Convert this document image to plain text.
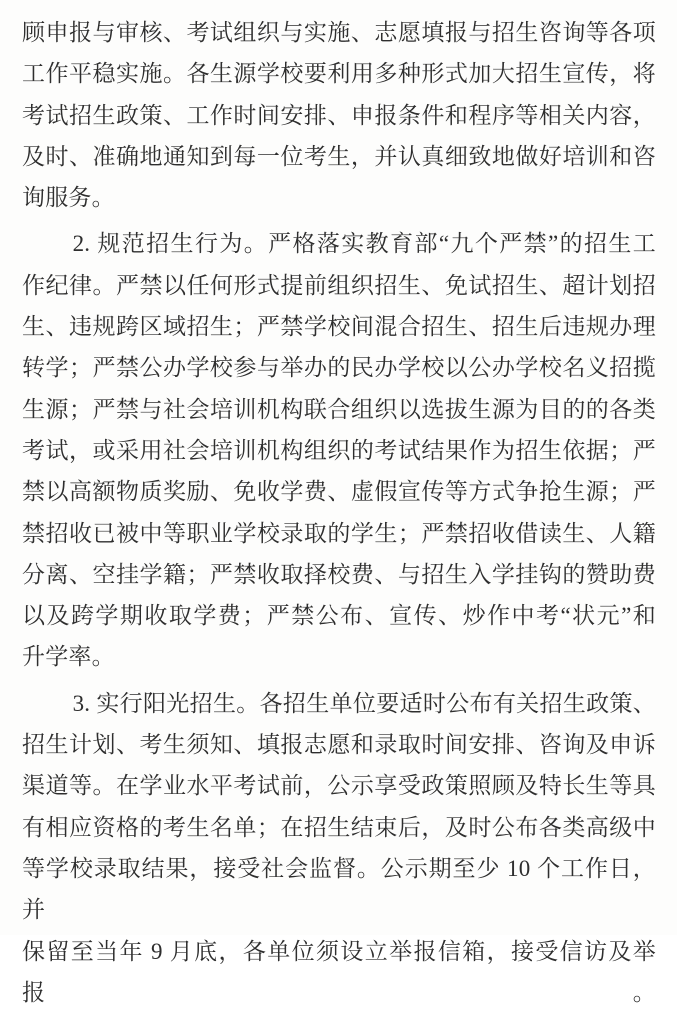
顾申报与审核、考试组织与实施、志愿填报与招生咨询等各项
工作平稳实施。各生源学校要利用多种形式加大招生宣传，将
考试招生政策、工作时间安排、申报条件和程序等相关内容，
及时、准确地通知到每一位考生，并认真细致地做好培训和咨
询服务。
2. 规范招生行为。严格落实教育部“九个严禁”的招生工
作纪律。严禁以任何形式提前组织招生、免试招生、超计划招
生、违规跨区域招生；严禁学校间混合招生、招生后违规办理
转学；严禁公办学校参与举办的民办学校以公办学校名义招揽
生源；严禁与社会培训机构联合组织以选拔生源为目的的各类
考试，或采用社会培训机构组织的考试结果作为招生依据；严
禁以高额物质奖励、免收学费、虚假宣传等方式争抢生源；严
禁招收已被中等职业学校录取的学生；严禁招收借读生、人籍
分离、空挂学籍；严禁收取择校费、与招生入学挂钩的赞助费
以及跨学期收取学费；严禁公布、宣传、炒作中考“状元”和
升学率。
3. 实行阳光招生。各招生单位要适时公布有关招生政策、
招生计划、考生须知、填报志愿和录取时间安排、咨询及申诉
渠道等。在学业水平考试前，公示享受政策照顾及特长生等具
有相应资格的考生名单；在招生结束后，及时公布各类高级中
等学校录取结果，接受社会监督。公示期至少 10 个工作日，并
保留至当年 9 月底，各单位须设立举报信箱，接受信访及举报。
